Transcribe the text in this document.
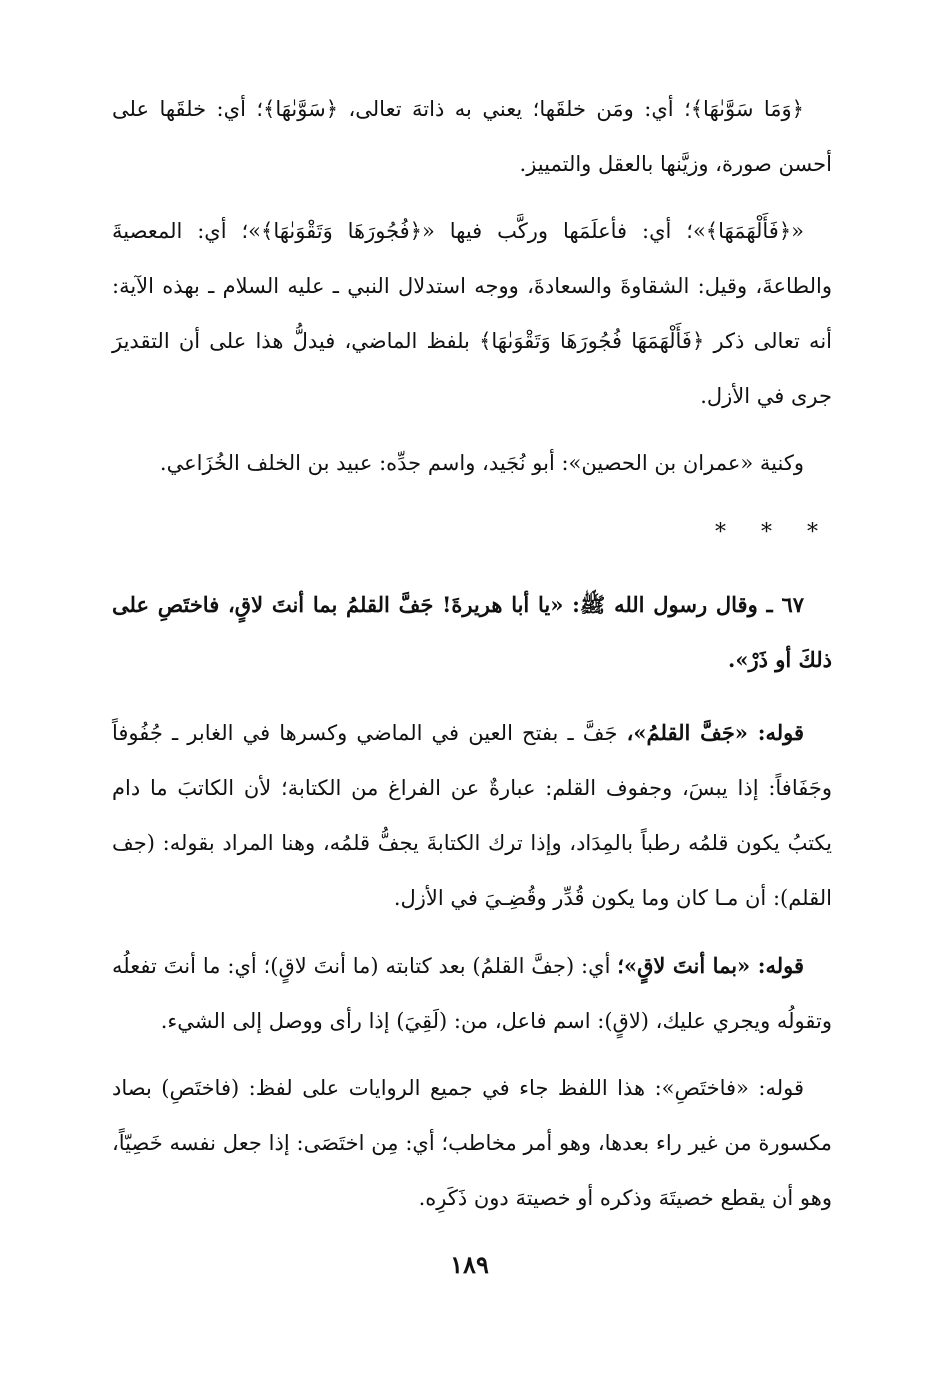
﴿وَمَا سَوَّىٰهَا﴾؛ أي: ومَن خلقَها؛ يعني به ذاتهَ تعالى، ﴿سَوَّىٰهَا﴾؛ أي: خلقَها على أحسن صورة، وزيَّنها بالعقل والتمييز.

«﴿فَأَلْهَمَهَا﴾»؛ أي: فأعلَمَها وركَّب فيها «﴿فُجُورَهَا وَتَقْوَىٰهَا﴾»؛ أي: المعصيةَ والطاعةَ، وقيل: الشقاوةَ والسعادةَ، ووجه استدلال النبي ـ عليه السلام ـ بهذه الآية: أنه تعالى ذكر ﴿فَأَلْهَمَهَا فُجُورَهَا وَتَقْوَىٰهَا﴾ بلفظ الماضي، فيدلُّ هذا على أن التقديرَ جرى في الأزل.

وكنية «عمران بن الحصين»: أبو نُجَيد، واسم جدِّه: عبيد بن الخلف الخُزَاعي.

* * *

٦٧ ـ وقال رسول الله ﷺ: «يا أبا هريرةَ! جَفَّ القلمُ بما أنتَ لاقٍ، فاختَصِ على ذلكَ أو ذَرْ».

قوله: «جَفَّ القلمُ»، جَفَّ ـ بفتح العين في الماضي وكسرها في الغابر ـ جُفُوفاً وجَفَافاً: إذا يبسَ، وجفوف القلم: عبارةٌ عن الفراغ من الكتابة؛ لأن الكاتبَ ما دام يكتبُ يكون قلمُه رطباً بالمِدَاد، وإذا ترك الكتابةَ يجفُّ قلمُه، وهنا المراد بقوله: (جف القلم): أن مـا كان وما يكون قُدِّر وقُضِـيَ في الأزل.

قوله: «بما أنتَ لاقٍ»؛ أي: (جفَّ القلمُ) بعد كتابته (ما أنتَ لاقٍ)؛ أي: ما أنتَ تفعلُه وتقولُه ويجري عليك، (لاقٍ): اسم فاعل، من: (لَقِيَ) إذا رأى ووصل إلى الشيء.

قوله: «فاختَصِ»: هذا اللفظ جاء في جميع الروايات على لفظ: (فاختَصِ) بصاد مكسورة من غير راء بعدها، وهو أمر مخاطب؛ أي: مِن اختَصَى: إذا جعل نفسه خَصِيّاً، وهو أن يقطع خصيتَهَ وذكره أو خصيتهَ دون ذَكَرِه.

١٨٩
